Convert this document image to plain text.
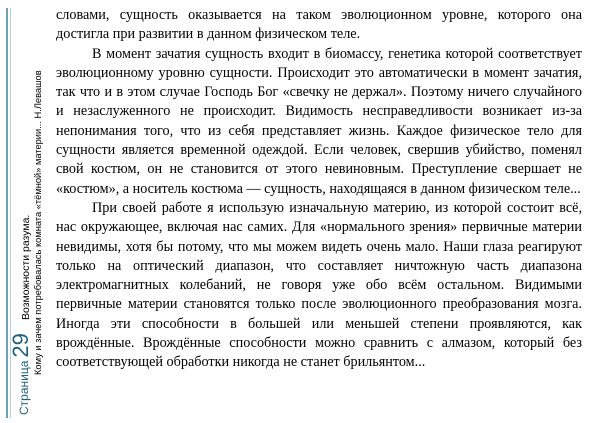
Страница
29
Возможности разума. Кому и зачем потребовалась комната «тёмной» материи... Н.Левашов

словами, сущность оказывается на таком эволюционном уровне, которого она достигла при развитии в данном физическом теле.

В момент зачатия сущность входит в биомассу, генетика которой соответствует эволюционному уровню сущности. Происходит это автоматически в момент зачатия, так что и в этом случае Господь Бог «свечку не держал». Поэтому ничего случайного и незаслуженного не происходит. Видимость несправедливости возникает из-за непонимания того, что из себя представляет жизнь. Каждое физическое тело для сущности является временной одеждой. Если человек, свершив убийство, поменял свой костюм, он не становится от этого невиновным. Преступление свершает не «костюм», а носитель костюма — сущность, находящаяся в данном физическом теле...

При своей работе я использую изначальную материю, из которой состоит всё, нас окружающее, включая нас самих. Для «нормального зрения» первичные материи невидимы, хотя бы потому, что мы можем видеть очень мало. Наши глаза реагируют только на оптический диапазон, что составляет ничтожную часть диапазона электромагнитных колебаний, не говоря уже обо всём остальном. Видимыми первичные материи становятся только после эволюционного преобразования мозга. Иногда эти способности в большей или меньшей степени проявляются, как врождённые. Врождённые способности можно сравнить с алмазом, который без соответствующей обработки никогда не станет брильянтом...
